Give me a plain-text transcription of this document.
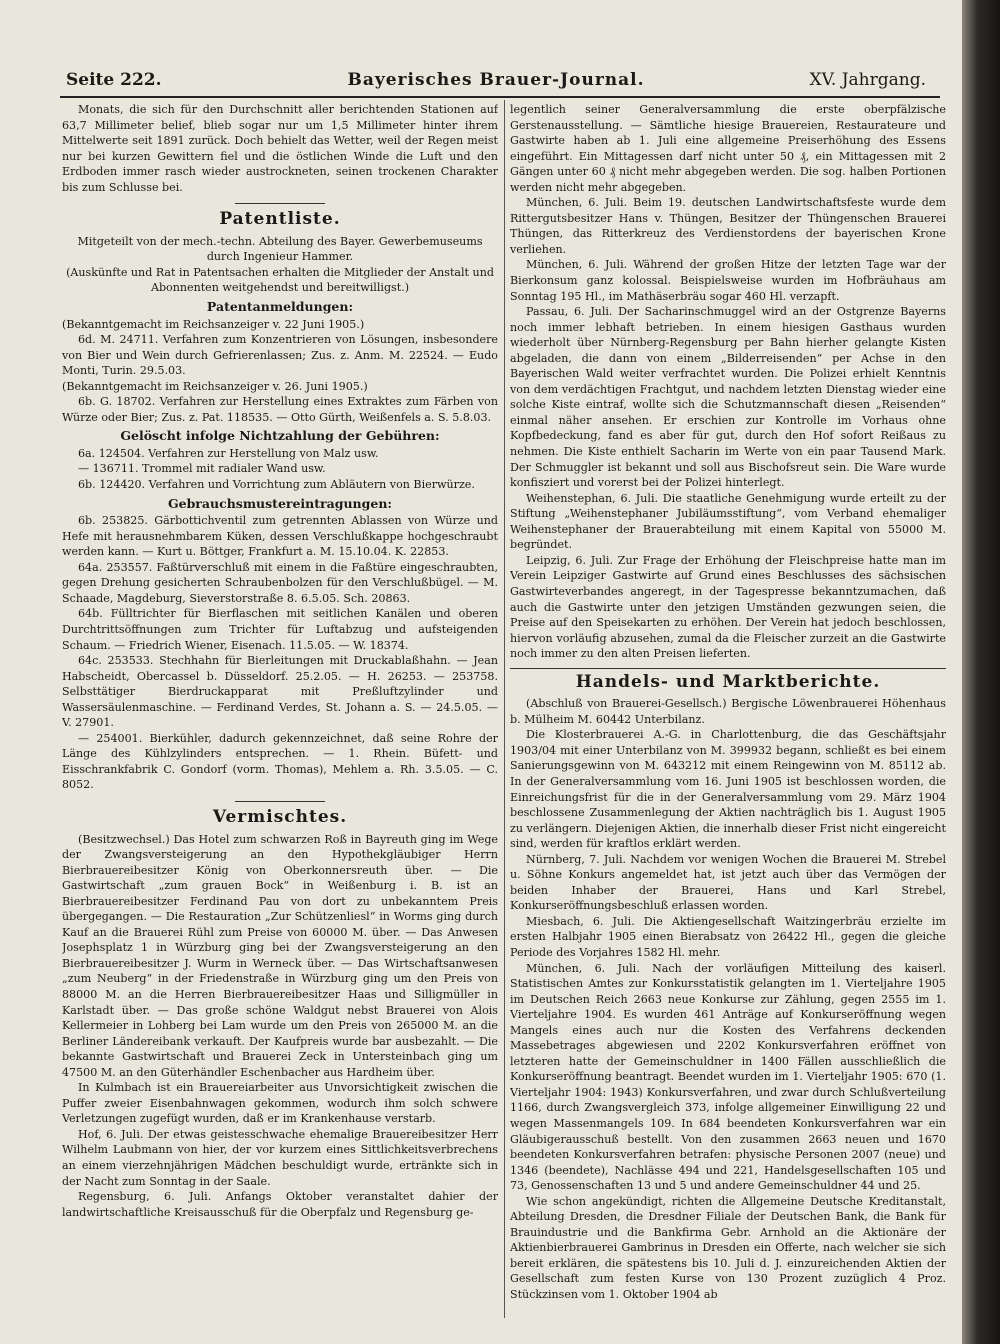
Seite 222.	Bayerisches Brauer-Journal.	XV. Jahrgang.

Monats, die sich für den Durchschnitt aller berichtenden Stationen auf 63,7 Millimeter belief, blieb sogar nur um 1,5 Millimeter hinter ihrem Mittelwerte seit 1891 zurück. Doch behielt das Wetter, weil der Regen meist nur bei kurzen Gewittern fiel und die östlichen Winde die Luft und den Erdboden immer rasch wieder austrockneten, seinen trockenen Charakter bis zum Schlusse bei.

Patentliste.

Mitgeteilt von der mech.-techn. Abteilung des Bayer. Gewerbemuseums durch Ingenieur Hammer.

(Auskünfte und Rat in Patentsachen erhalten die Mitglieder der Anstalt und Abonnenten weitgehendst und bereitwilligst.)

Patentanmeldungen:

(Bekanntgemacht im Reichsanzeiger v. 22 Juni 1905.)

6d. M. 24711. Verfahren zum Konzentrieren von Lösungen, insbesondere von Bier und Wein durch Gefrierenlassen; Zus. z. Anm. M. 22524. — Eudo Monti, Turin. 29.5.03.

(Bekanntgemacht im Reichsanzeiger v. 26. Juni 1905.)

6b. G. 18702. Verfahren zur Herstellung eines Extraktes zum Färben von Würze oder Bier; Zus. z. Pat. 118535. — Otto Gürth, Weißenfels a. S. 5.8.03.

Gelöscht infolge Nichtzahlung der Gebühren:

6a. 124504. Verfahren zur Herstellung von Malz usw.

— 136711. Trommel mit radialer Wand usw.

6b. 124420. Verfahren und Vorrichtung zum Abläutern von Bierwürze.

Gebrauchsmustereintragungen:

6b. 253825. Gärbottichventil zum getrennten Ablassen von Würze und Hefe mit herausnehmbarem Küken, dessen Verschlußkappe hochgeschraubt werden kann. — Kurt u. Böttger, Frankfurt a. M. 15.10.04. K. 22853.

64a. 253557. Faßtürverschluß mit einem in die Faßtüre eingeschraubten, gegen Drehung gesicherten Schraubenbolzen für den Verschlußbügel. — M. Schaade, Magdeburg, Sieverstorstraße 8. 6.5.05. Sch. 20863.

64b. Fülltrichter für Bierflaschen mit seitlichen Kanälen und oberen Durchtrittsöffnungen zum Trichter für Luftabzug und aufsteigenden Schaum. — Friedrich Wiener, Eisenach. 11.5.05. — W. 18374.

64c. 253533. Stechhahn für Bierleitungen mit Druckablaßhahn. — Jean Habscheidt, Obercassel b. Düsseldorf. 25.2.05. — H. 26253. — 253758. Selbsttätiger Bierdruckapparat mit Preßluftzylinder und Wassersäulenmaschine. — Ferdinand Verdes, St. Johann a. S. — 24.5.05. — V. 27901.

— 254001. Bierkühler, dadurch gekennzeichnet, daß seine Rohre der Länge des Kühlzylinders entsprechen. — 1. Rhein. Büfett- und Eisschrankfabrik C. Gondorf (vorm. Thomas), Mehlem a. Rh. 3.5.05. — C. 8052.

Vermischtes.

(Besitzwechsel.) Das Hotel zum schwarzen Roß in Bayreuth ging im Wege der Zwangsversteigerung an den Hypothekgläubiger Herrn Bierbrauereibesitzer König von Oberkonnersreuth über. — Die Gastwirtschaft „zum grauen Bock“ in Weißenburg i. B. ist an Bierbrauereibesitzer Ferdinand Pau von dort zu unbekanntem Preis übergegangen. — Die Restauration „Zur Schützenliesl“ in Worms ging durch Kauf an die Brauerei Rühl zum Preise von 60000 M. über. — Das Anwesen Josephsplatz 1 in Würzburg ging bei der Zwangsversteigerung an den Bierbrauereibesitzer J. Wurm in Werneck über. — Das Wirtschaftsanwesen „zum Neuberg“ in der Friedenstraße in Würzburg ging um den Preis von 88000 M. an die Herren Bierbrauereibesitzer Haas und Silligmüller in Karlstadt über. — Das große schöne Waldgut nebst Brauerei von Alois Kellermeier in Lohberg bei Lam wurde um den Preis von 265000 M. an die Berliner Ländereibank verkauft. Der Kaufpreis wurde bar ausbezahlt. — Die bekannte Gastwirtschaft und Brauerei Zeck in Untersteinbach ging um 47500 M. an den Güterhändler Eschenbacher aus Hardheim über.

In Kulmbach ist ein Brauereiarbeiter aus Unvorsichtigkeit zwischen die Puffer zweier Eisenbahnwagen gekommen, wodurch ihm solch schwere Verletzungen zugefügt wurden, daß er im Krankenhause verstarb.

Hof, 6. Juli. Der etwas geistesschwache ehemalige Brauereibesitzer Herr Wilhelm Laubmann von hier, der vor kurzem eines Sittlichkeitsverbrechens an einem vierzehnjährigen Mädchen beschuldigt wurde, ertränkte sich in der Nacht zum Sonntag in der Saale.

Regensburg, 6. Juli. Anfangs Oktober veranstaltet dahier der landwirtschaftliche Kreisausschuß für die Oberpfalz und Regensburg ge-

legentlich seiner Generalversammlung die erste oberpfälzische Gerstenausstellung. — Sämtliche hiesige Brauereien, Restaurateure und Gastwirte haben ab 1. Juli eine allgemeine Preiserhöhung des Essens eingeführt. Ein Mittagessen darf nicht unter 50 ₰, ein Mittagessen mit 2 Gängen unter 60 ₰ nicht mehr abgegeben werden. Die sog. halben Portionen werden nicht mehr abgegeben.

München, 6. Juli. Beim 19. deutschen Landwirtschaftsfeste wurde dem Rittergutsbesitzer Hans v. Thüngen, Besitzer der Thüngenschen Brauerei Thüngen, das Ritterkreuz des Verdienstordens der bayerischen Krone verliehen.

München, 6. Juli. Während der großen Hitze der letzten Tage war der Bierkonsum ganz kolossal. Beispielsweise wurden im Hofbräuhaus am Sonntag 195 Hl., im Mathäserbräu sogar 460 Hl. verzapft.

Passau, 6. Juli. Der Sacharinschmuggel wird an der Ostgrenze Bayerns noch immer lebhaft betrieben. In einem hiesigen Gasthaus wurden wiederholt über Nürnberg-Regensburg per Bahn hierher gelangte Kisten abgeladen, die dann von einem „Bilderreisenden“ per Achse in den Bayerischen Wald weiter verfrachtet wurden. Die Polizei erhielt Kenntnis von dem verdächtigen Frachtgut, und nachdem letzten Dienstag wieder eine solche Kiste eintraf, wollte sich die Schutzmannschaft diesen „Reisenden“ einmal näher ansehen. Er erschien zur Kontrolle im Vorhaus ohne Kopfbedeckung, fand es aber für gut, durch den Hof sofort Reißaus zu nehmen. Die Kiste enthielt Sacharin im Werte von ein paar Tausend Mark. Der Schmuggler ist bekannt und soll aus Bischofsreut sein. Die Ware wurde konfisziert und vorerst bei der Polizei hinterlegt.

Weihenstephan, 6. Juli. Die staatliche Genehmigung wurde erteilt zu der Stiftung „Weihenstephaner Jubiläumsstiftung“, vom Verband ehemaliger Weihenstephaner der Brauerabteilung mit einem Kapital von 55000 M. begründet.

Leipzig, 6. Juli. Zur Frage der Erhöhung der Fleischpreise hatte man im Verein Leipziger Gastwirte auf Grund eines Beschlusses des sächsischen Gastwirteverbandes angeregt, in der Tagespresse bekanntzumachen, daß auch die Gastwirte unter den jetzigen Umständen gezwungen seien, die Preise auf den Speisekarten zu erhöhen. Der Verein hat jedoch beschlossen, hiervon vorläufig abzusehen, zumal da die Fleischer zurzeit an die Gastwirte noch immer zu den alten Preisen lieferten.

Handels- und Marktberichte.

(Abschluß von Brauerei-Gesellsch.) Bergische Löwenbrauerei Höhenhaus b. Mülheim M. 60442 Unterbilanz.

Die Klosterbrauerei A.-G. in Charlottenburg, die das Geschäftsjahr 1903/04 mit einer Unterbilanz von M. 399932 begann, schließt es bei einem Sanierungsgewinn von M. 643212 mit einem Reingewinn von M. 85112 ab. In der Generalversammlung vom 16. Juni 1905 ist beschlossen worden, die Einreichungsfrist für die in der Generalversammlung vom 29. März 1904 beschlossene Zusammenlegung der Aktien nachträglich bis 1. August 1905 zu verlängern. Diejenigen Aktien, die innerhalb dieser Frist nicht eingereicht sind, werden für kraftlos erklärt werden.

Nürnberg, 7. Juli. Nachdem vor wenigen Wochen die Brauerei M. Strebel u. Söhne Konkurs angemeldet hat, ist jetzt auch über das Vermögen der beiden Inhaber der Brauerei, Hans und Karl Strebel, Konkurseröffnungsbeschluß erlassen worden.

Miesbach, 6. Juli. Die Aktiengesellschaft Waitzingerbräu erzielte im ersten Halbjahr 1905 einen Bierabsatz von 26422 Hl., gegen die gleiche Periode des Vorjahres 1582 Hl. mehr.

München, 6. Juli. Nach der vorläufigen Mitteilung des kaiserl. Statistischen Amtes zur Konkursstatistik gelangten im 1. Vierteljahre 1905 im Deutschen Reich 2663 neue Konkurse zur Zählung, gegen 2555 im 1. Vierteljahre 1904. Es wurden 461 Anträge auf Konkurseröffnung wegen Mangels eines auch nur die Kosten des Verfahrens deckenden Massebetrages abgewiesen und 2202 Konkursverfahren eröffnet von letzteren hatte der Gemeinschuldner in 1400 Fällen ausschließlich die Konkurseröffnung beantragt. Beendet wurden im 1. Vierteljahr 1905: 670 (1. Vierteljahr 1904: 1943) Konkursverfahren, und zwar durch Schlußverteilung 1166, durch Zwangsvergleich 373, infolge allgemeiner Einwilligung 22 und wegen Massenmangels 109. In 684 beendeten Konkursverfahren war ein Gläubigerausschuß bestellt. Von den zusammen 2663 neuen und 1670 beendeten Konkursverfahren betrafen: physische Personen 2007 (neue) und 1346 (beendete), Nachlässe 494 und 221, Handelsgesellschaften 105 und 73, Genossenschaften 13 und 5 und andere Gemeinschuldner 44 und 25.

Wie schon angekündigt, richten die Allgemeine Deutsche Kreditanstalt, Abteilung Dresden, die Dresdner Filiale der Deutschen Bank, die Bank für Brauindustrie und die Bankfirma Gebr. Arnhold an die Aktionäre der Aktienbierbrauerei Gambrinus in Dresden ein Offerte, nach welcher sie sich bereit erklären, die spätestens bis 10. Juli d. J. einzureichenden Aktien der Gesellschaft zum festen Kurse von 130 Prozent zuzüglich 4 Proz. Stückzinsen vom 1. Oktober 1904 ab
